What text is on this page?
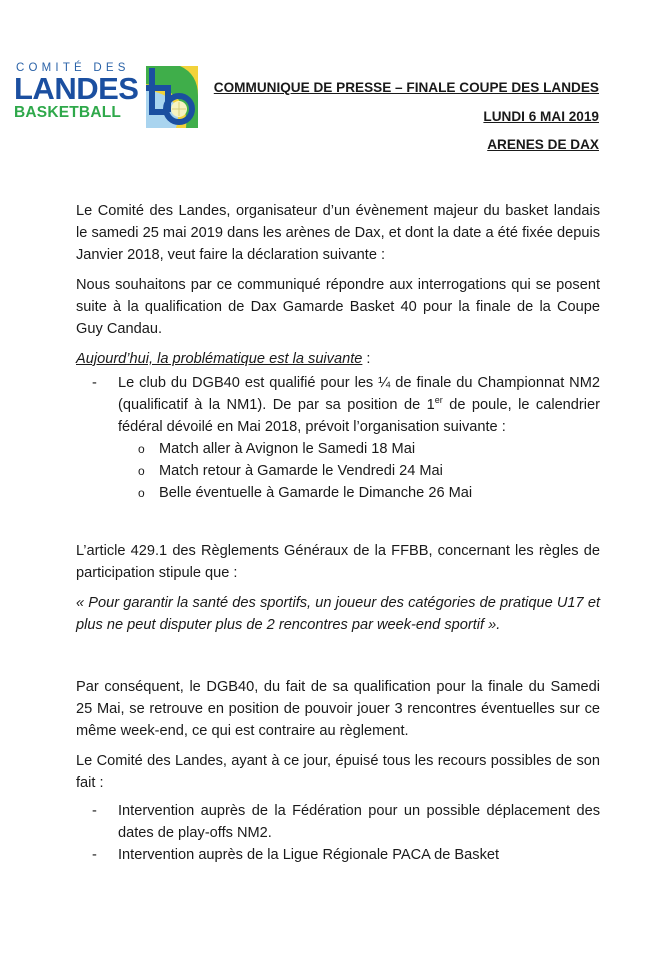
COMITÉ DES
LANDES
BASKETBALL
COMMUNIQUE DE PRESSE – FINALE COUPE DES LANDES
LUNDI 6 MAI 2019
ARENES DE DAX

Le Comité des Landes, organisateur d’un évènement majeur du basket landais le samedi 25 mai 2019 dans les arènes de Dax, et dont la date a été fixée depuis Janvier 2018, veut faire la déclaration suivante :

Nous souhaitons par ce communiqué répondre aux interrogations qui se posent suite à la qualification de Dax Gamarde Basket 40 pour la finale de la Coupe Guy Candau.

Aujourd’hui, la problématique est la suivante :

- Le club du DGB40 est qualifié pour les ¼ de finale du Championnat NM2 (qualificatif à la NM1). De par sa position de 1er de poule, le calendrier fédéral dévoilé en Mai 2018, prévoit l’organisation suivante :
o Match aller à Avignon le Samedi 18 Mai
o Match retour à Gamarde le Vendredi 24 Mai
o Belle éventuelle à Gamarde le Dimanche 26 Mai

L’article 429.1 des Règlements Généraux de la FFBB, concernant les règles de participation stipule que :

« Pour garantir la santé des sportifs, un joueur des catégories de pratique U17 et plus ne peut disputer plus de 2 rencontres par week-end sportif ».

Par conséquent, le DGB40, du fait de sa qualification pour la finale du Samedi 25 Mai, se retrouve en position de pouvoir jouer 3 rencontres éventuelles sur ce même week-end, ce qui est contraire au règlement.

Le Comité des Landes, ayant à ce jour, épuisé tous les recours possibles de son fait :

- Intervention auprès de la Fédération pour un possible déplacement des dates de play-offs NM2.
- Intervention auprès de la Ligue Régionale PACA de Basket
